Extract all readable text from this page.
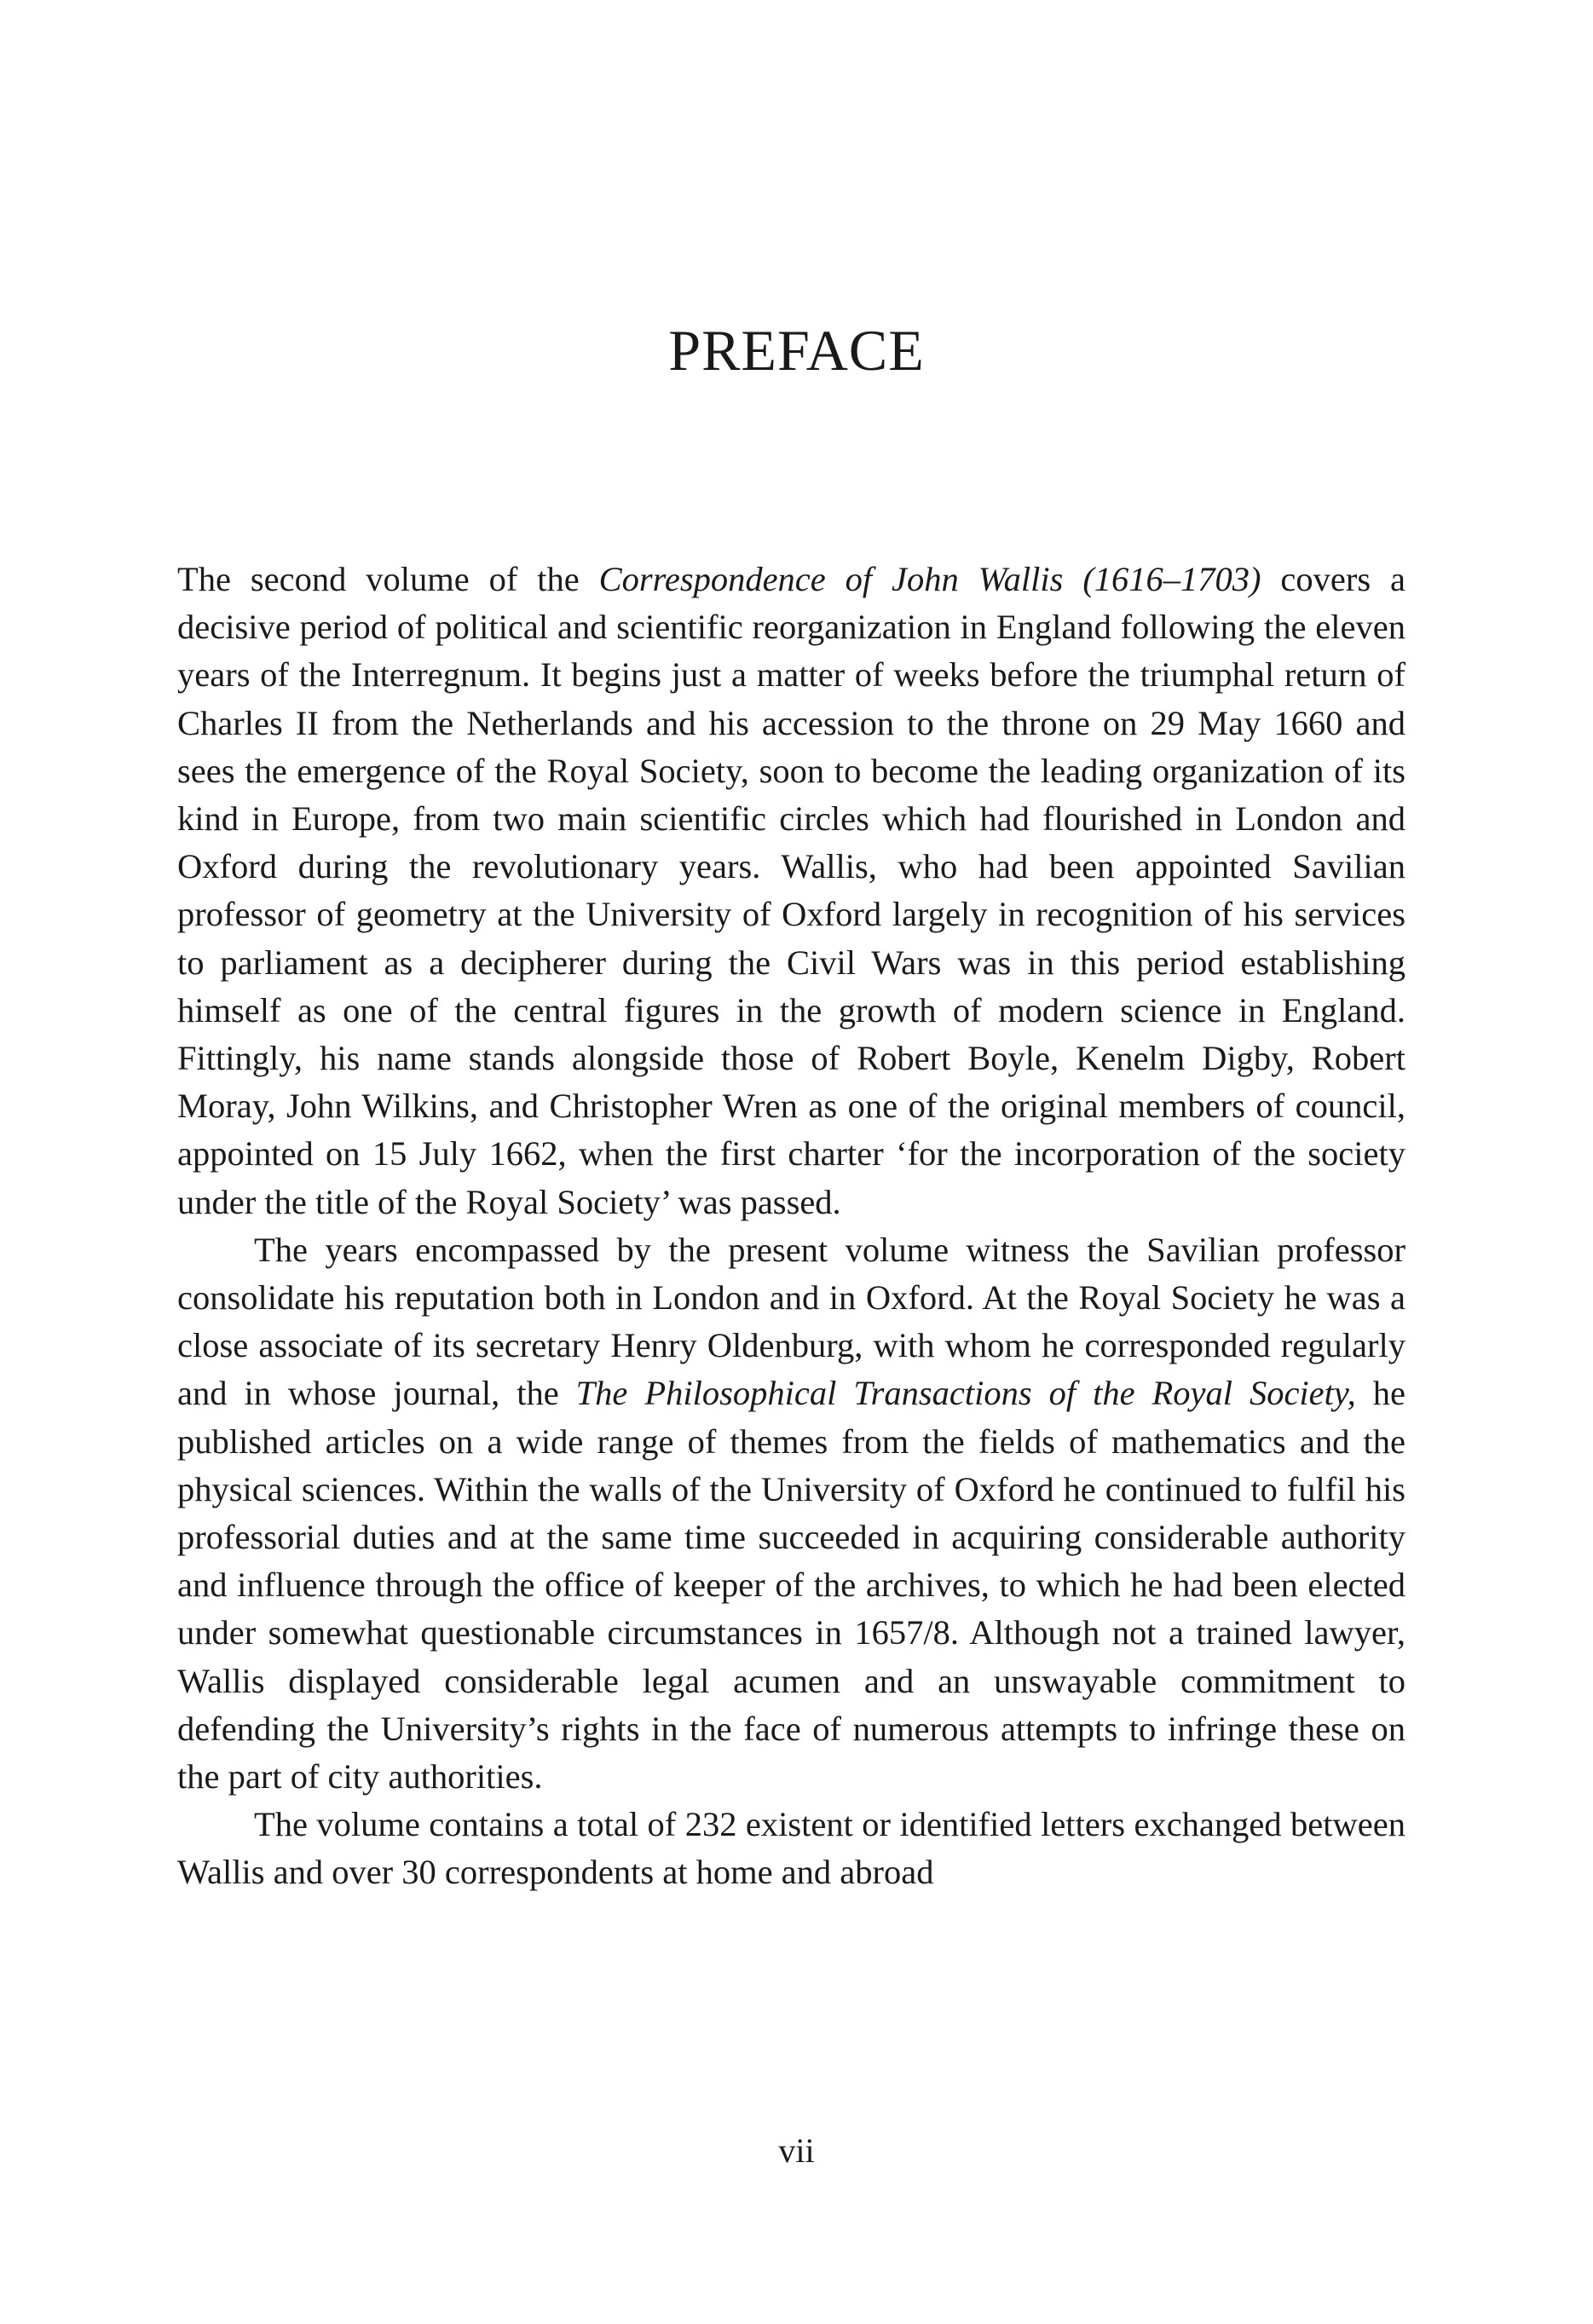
PREFACE

The second volume of the Correspondence of John Wallis (1616–1703) covers a decisive period of political and scientific reorganization in England following the eleven years of the Interregnum. It begins just a matter of weeks before the triumphal return of Charles II from the Netherlands and his accession to the throne on 29 May 1660 and sees the emergence of the Royal Society, soon to become the leading organization of its kind in Europe, from two main scientific circles which had flourished in London and Oxford during the revolutionary years. Wallis, who had been appointed Savilian professor of geometry at the University of Oxford largely in recognition of his services to parliament as a decipherer during the Civil Wars was in this period establishing himself as one of the central figures in the growth of modern science in England. Fittingly, his name stands alongside those of Robert Boyle, Kenelm Digby, Robert Moray, John Wilkins, and Christopher Wren as one of the original members of council, appointed on 15 July 1662, when the first charter ‘for the incorporation of the society under the title of the Royal Society’ was passed.

The years encompassed by the present volume witness the Savilian professor consolidate his reputation both in London and in Oxford. At the Royal Society he was a close associate of its secretary Henry Oldenburg, with whom he corresponded regularly and in whose journal, the The Philosophical Transactions of the Royal Society, he published articles on a wide range of themes from the fields of mathematics and the physical sciences. Within the walls of the University of Oxford he continued to fulfil his professorial duties and at the same time succeeded in acquiring considerable authority and influence through the office of keeper of the archives, to which he had been elected under somewhat questionable circumstances in 1657/8. Although not a trained lawyer, Wallis displayed considerable legal acumen and an unswayable commitment to defending the University’s rights in the face of numerous attempts to infringe these on the part of city authorities.

The volume contains a total of 232 existent or identified letters exchanged between Wallis and over 30 correspondents at home and abroad

vii
